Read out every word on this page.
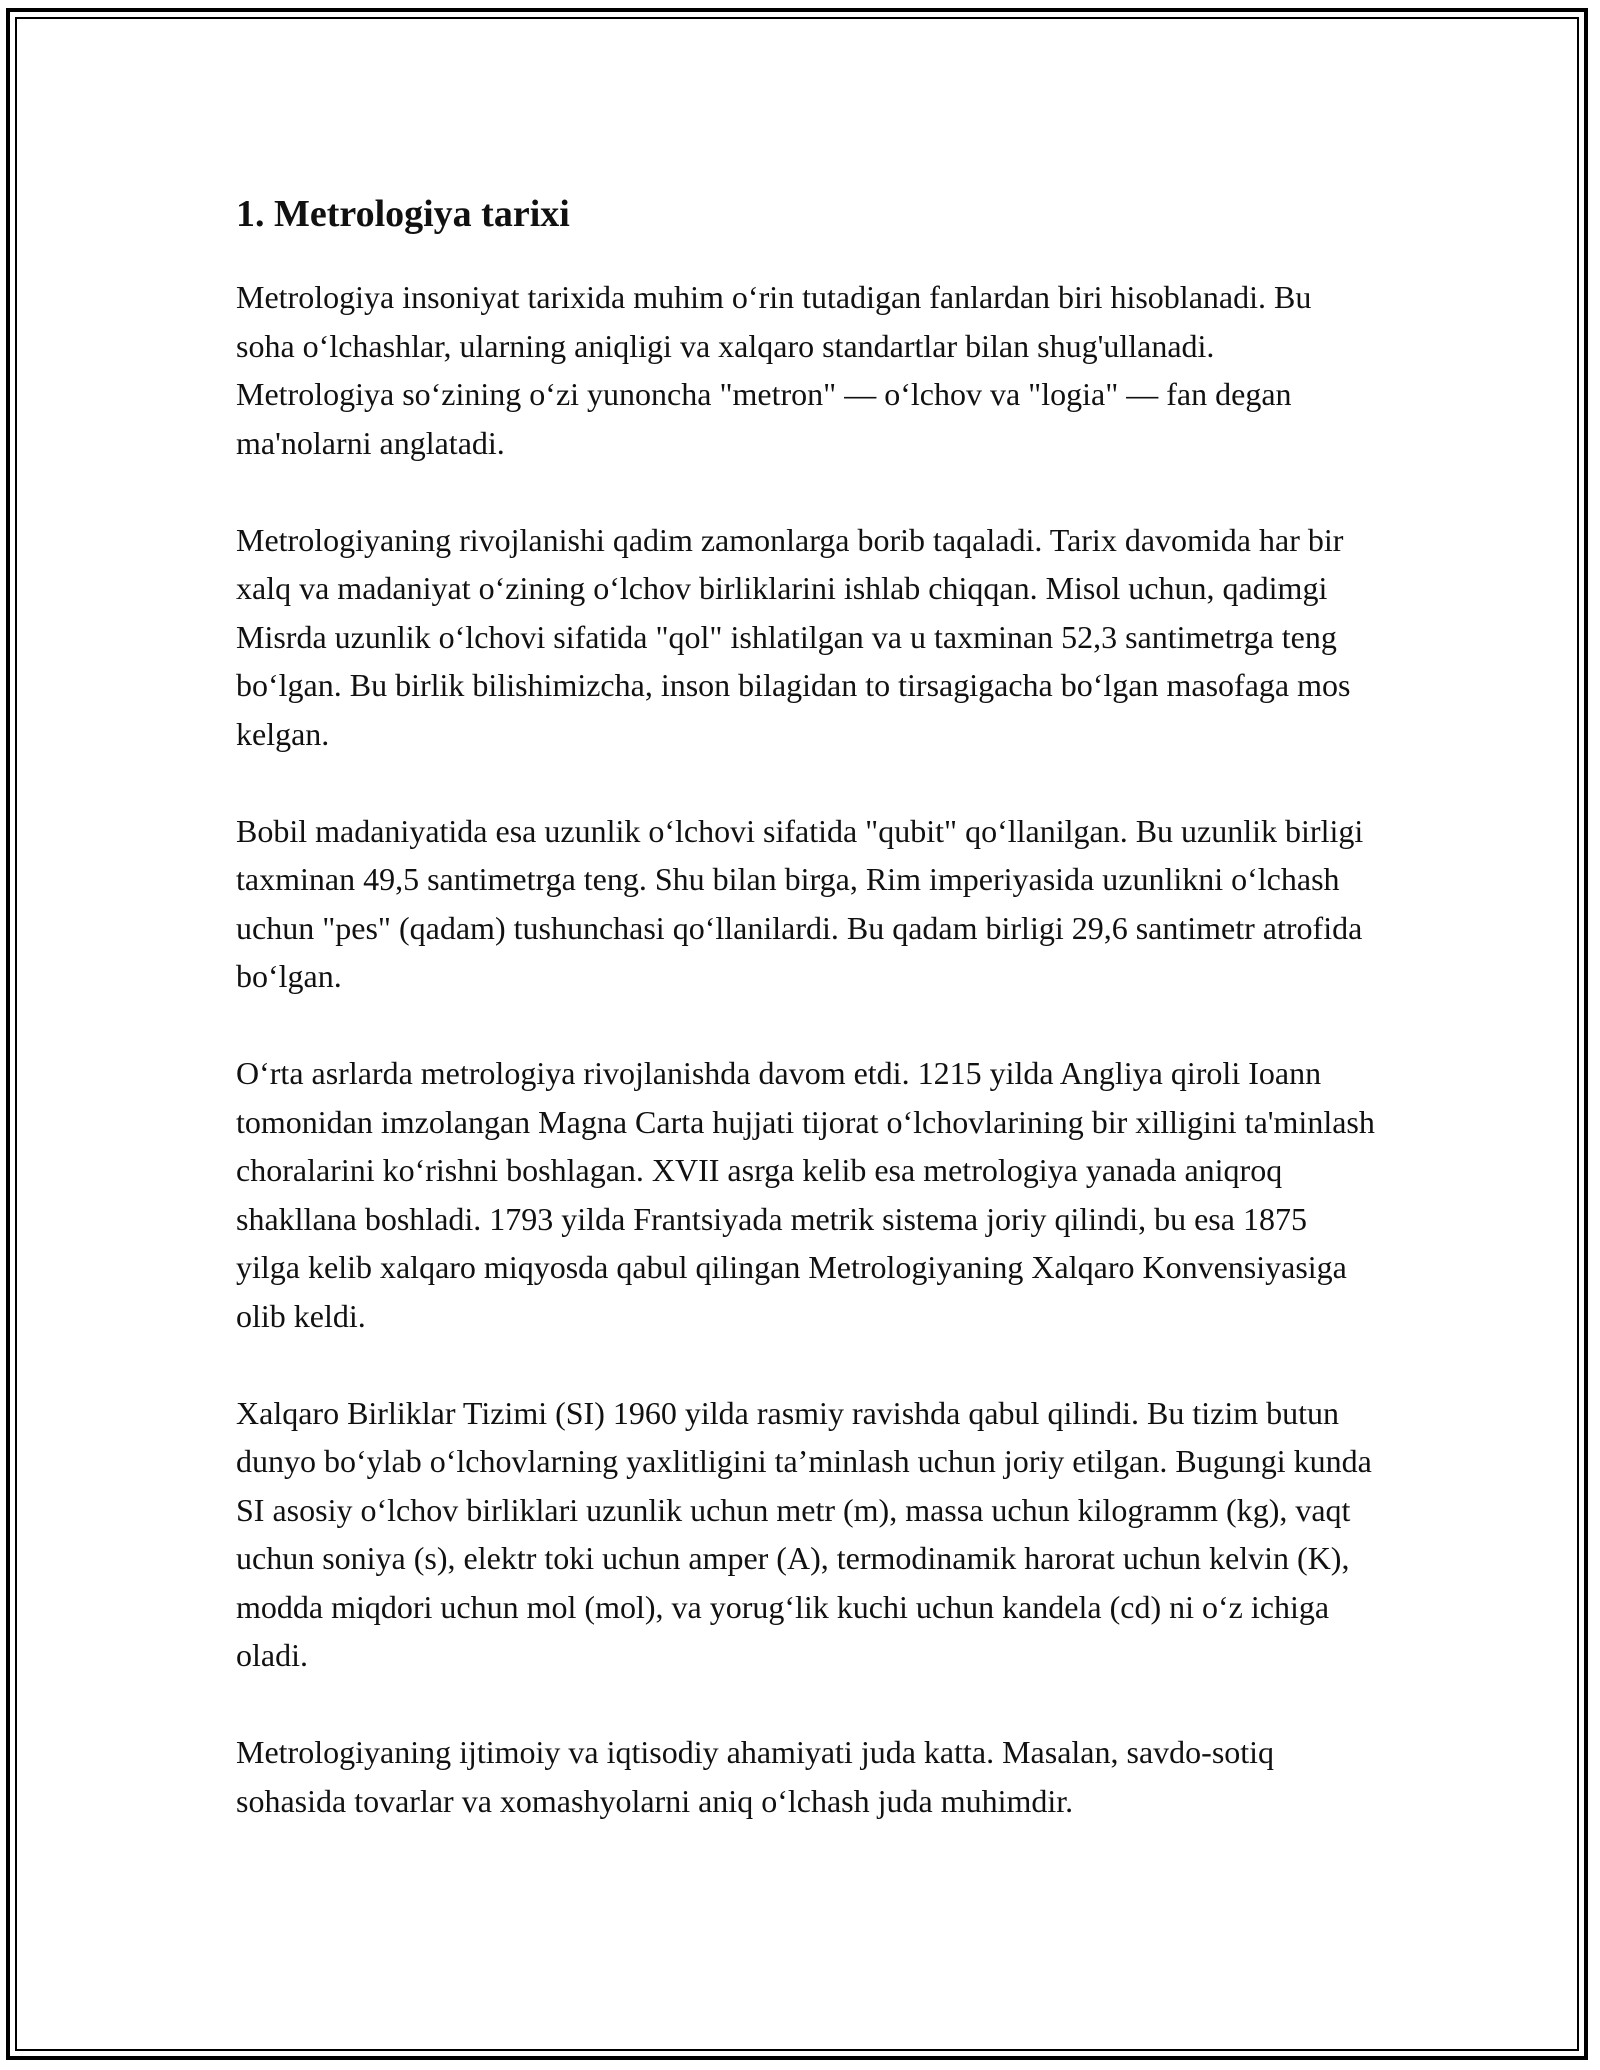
1. Metrologiya tarixi

Metrologiya insoniyat tarixida muhim o‘rin tutadigan fanlardan biri hisoblanadi. Bu soha o‘lchashlar, ularning aniqligi va xalqaro standartlar bilan shug'ullanadi. Metrologiya so‘zining o‘zi yunoncha "metron" — o‘lchov va "logia" — fan degan ma'nolarni anglatadi.

Metrologiyaning rivojlanishi qadim zamonlarga borib taqaladi. Tarix davomida har bir xalq va madaniyat o‘zining o‘lchov birliklarini ishlab chiqqan. Misol uchun, qadimgi Misrda uzunlik o‘lchovi sifatida "qol" ishlatilgan va u taxminan 52,3 santimetrga teng bo‘lgan. Bu birlik bilishimizcha, inson bilagidan to tirsagigacha bo‘lgan masofaga mos kelgan.

Bobil madaniyatida esa uzunlik o‘lchovi sifatida "qubit" qo‘llanilgan. Bu uzunlik birligi taxminan 49,5 santimetrga teng. Shu bilan birga, Rim imperiyasida uzunlikni o‘lchash uchun "pes" (qadam) tushunchasi qo‘llanilardi. Bu qadam birligi 29,6 santimetr atrofida bo‘lgan.

O‘rta asrlarda metrologiya rivojlanishda davom etdi. 1215 yilda Angliya qiroli Ioann tomonidan imzolangan Magna Carta hujjati tijorat o‘lchovlarining bir xilligini ta'minlash choralarini ko‘rishni boshlagan. XVII asrga kelib esa metrologiya yanada aniqroq shakllana boshladi. 1793 yilda Frantsiyada metrik sistema joriy qilindi, bu esa 1875 yilga kelib xalqaro miqyosda qabul qilingan Metrologiyaning Xalqaro Konvensiyasiga olib keldi.

Xalqaro Birliklar Tizimi (SI) 1960 yilda rasmiy ravishda qabul qilindi. Bu tizim butun dunyo bo‘ylab o‘lchovlarning yaxlitligini ta’minlash uchun joriy etilgan. Bugungi kunda SI asosiy o‘lchov birliklari uzunlik uchun metr (m), massa uchun kilogramm (kg), vaqt uchun soniya (s), elektr toki uchun amper (A), termodinamik harorat uchun kelvin (K), modda miqdori uchun mol (mol), va yorug‘lik kuchi uchun kandela (cd) ni o‘z ichiga oladi.

Metrologiyaning ijtimoiy va iqtisodiy ahamiyati juda katta. Masalan, savdo-sotiq sohasida tovarlar va xomashyolarni aniq o‘lchash juda muhimdir.
